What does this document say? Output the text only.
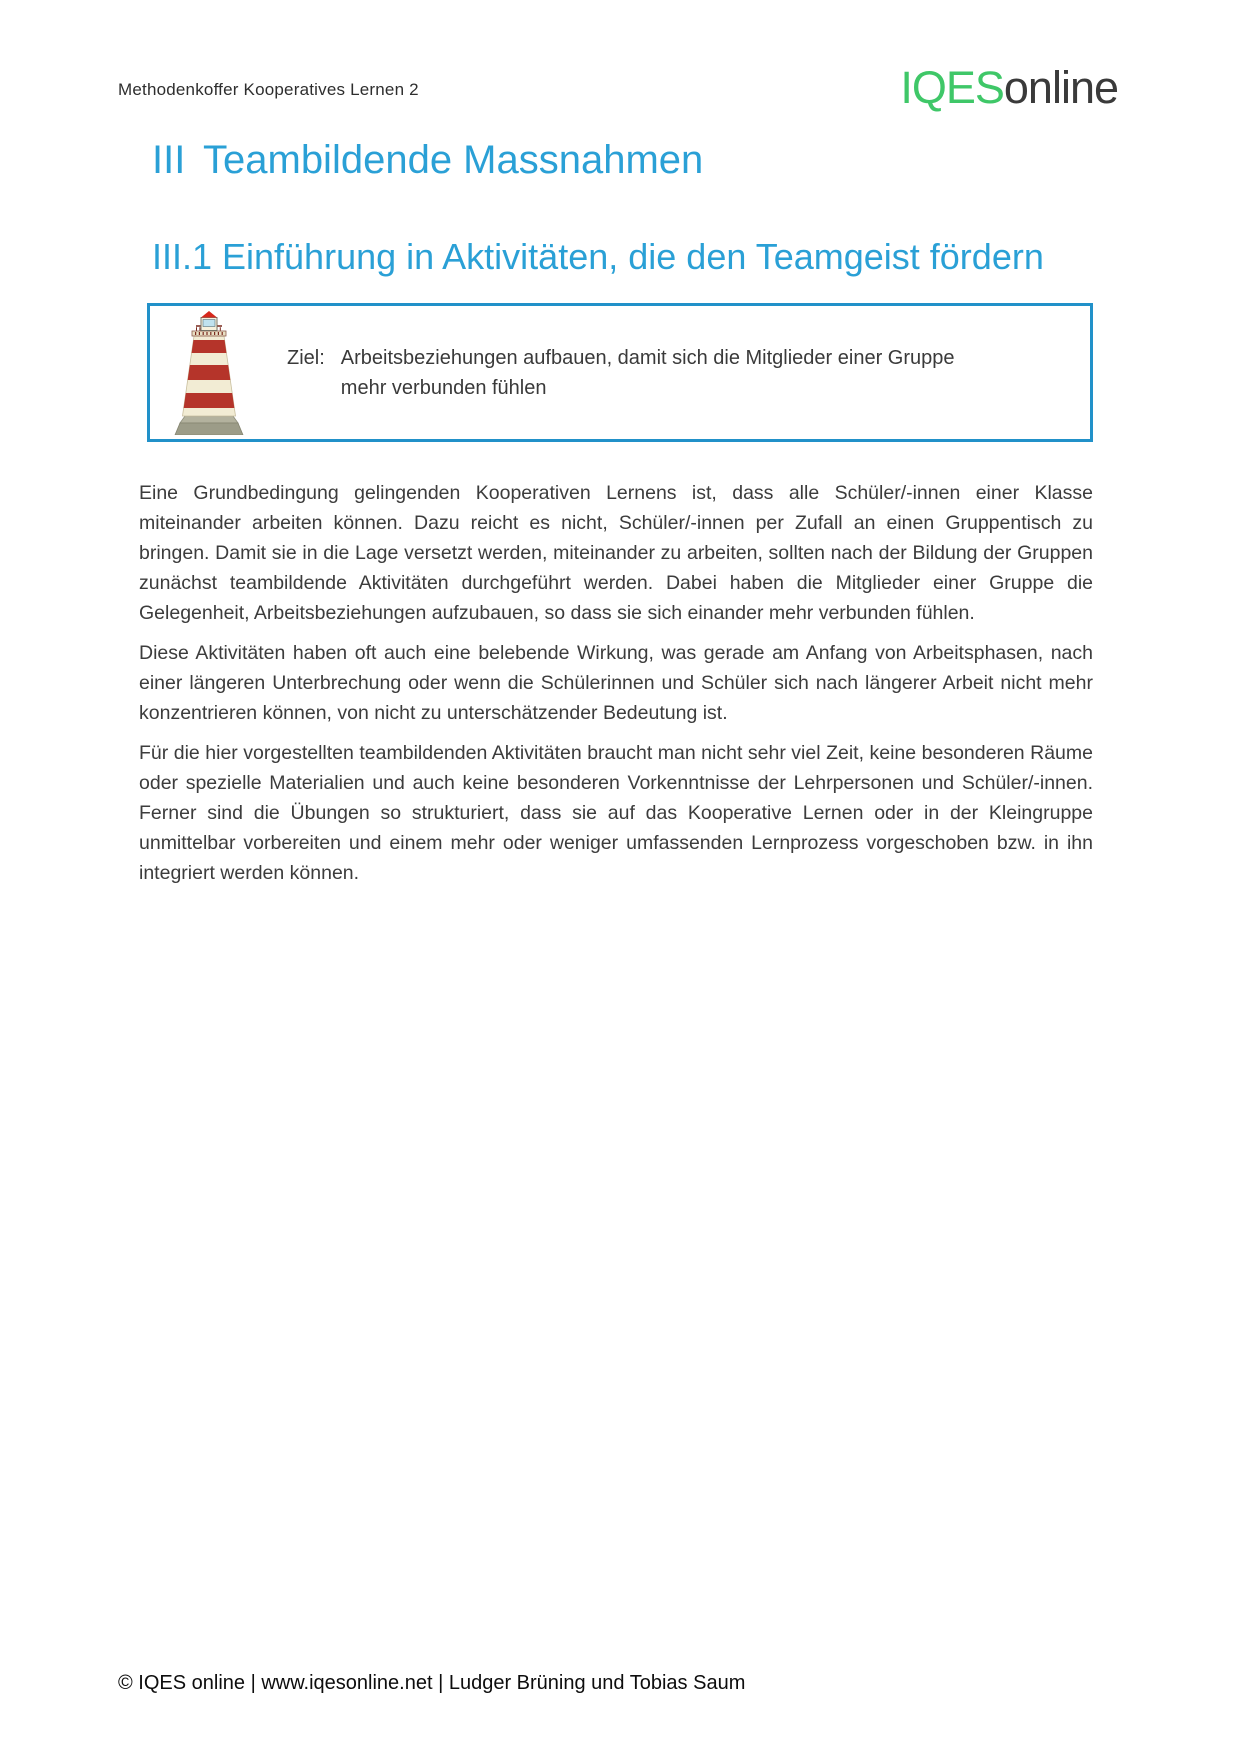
Methodenkoffer Kooperatives Lernen 2	IQESonline
III Teambildende Massnahmen
III.1 Einführung in Aktivitäten, die den Teamgeist fördern
Ziel: Arbeitsbeziehungen aufbauen, damit sich die Mitglieder einer Gruppe mehr verbunden fühlen

Eine Grundbedingung gelingenden Kooperativen Lernens ist, dass alle Schüler/-innen einer Klasse miteinander arbeiten können. Dazu reicht es nicht, Schüler/-innen per Zufall an einen Gruppentisch zu bringen. Damit sie in die Lage versetzt werden, miteinander zu arbeiten, sollten nach der Bildung der Gruppen zunächst teambildende Aktivitäten durchgeführt werden. Dabei haben die Mitglieder einer Gruppe die Gelegenheit, Arbeitsbeziehungen aufzubauen, so dass sie sich einander mehr verbunden fühlen.

Diese Aktivitäten haben oft auch eine belebende Wirkung, was gerade am Anfang von Arbeitsphasen, nach einer längeren Unterbrechung oder wenn die Schülerinnen und Schüler sich nach längerer Arbeit nicht mehr konzentrieren können, von nicht zu unterschätzender Bedeutung ist.

Für die hier vorgestellten teambildenden Aktivitäten braucht man nicht sehr viel Zeit, keine besonderen Räume oder spezielle Materialien und auch keine besonderen Vorkenntnisse der Lehrpersonen und Schüler/-innen. Ferner sind die Übungen so strukturiert, dass sie auf das Kooperative Lernen oder in der Kleingruppe unmittelbar vorbereiten und einem mehr oder weniger umfassenden Lernprozess vorgeschoben bzw. in ihn integriert werden können.

© IQES online | www.iqesonline.net | Ludger Brüning und Tobias Saum
